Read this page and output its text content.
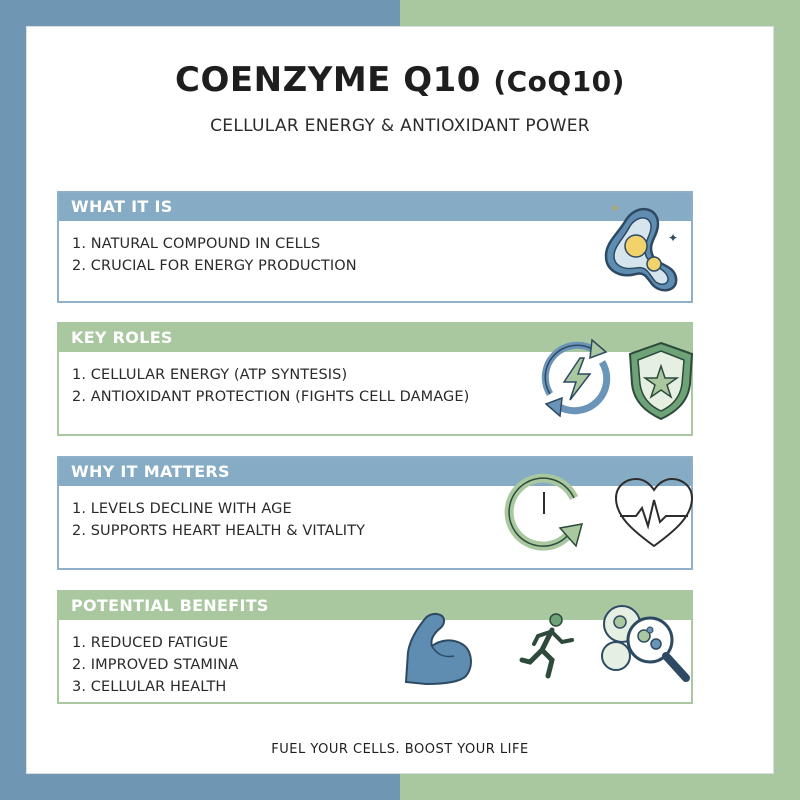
COENZYME Q10 (CoQ10)
CELLULAR ENERGY & ANTIOXIDANT POWER
WHAT IT IS
1. NATURAL COMPOUND IN CELLS
2. CRUCIAL FOR ENERGY PRODUCTION
+
✦
KEY ROLES
1. CELLULAR ENERGY (ATP SYNTESIS)
2. ANTIOXIDANT PROTECTION (FIGHTS CELL DAMAGE)
WHY IT MATTERS
1. LEVELS DECLINE WITH AGE
2. SUPPORTS HEART HEALTH & VITALITY
POTENTIAL BENEFITS
1. REDUCED FATIGUE
2. IMPROVED STAMINA
3. CELLULAR HEALTH
FUEL YOUR CELLS. BOOST YOUR LIFE
